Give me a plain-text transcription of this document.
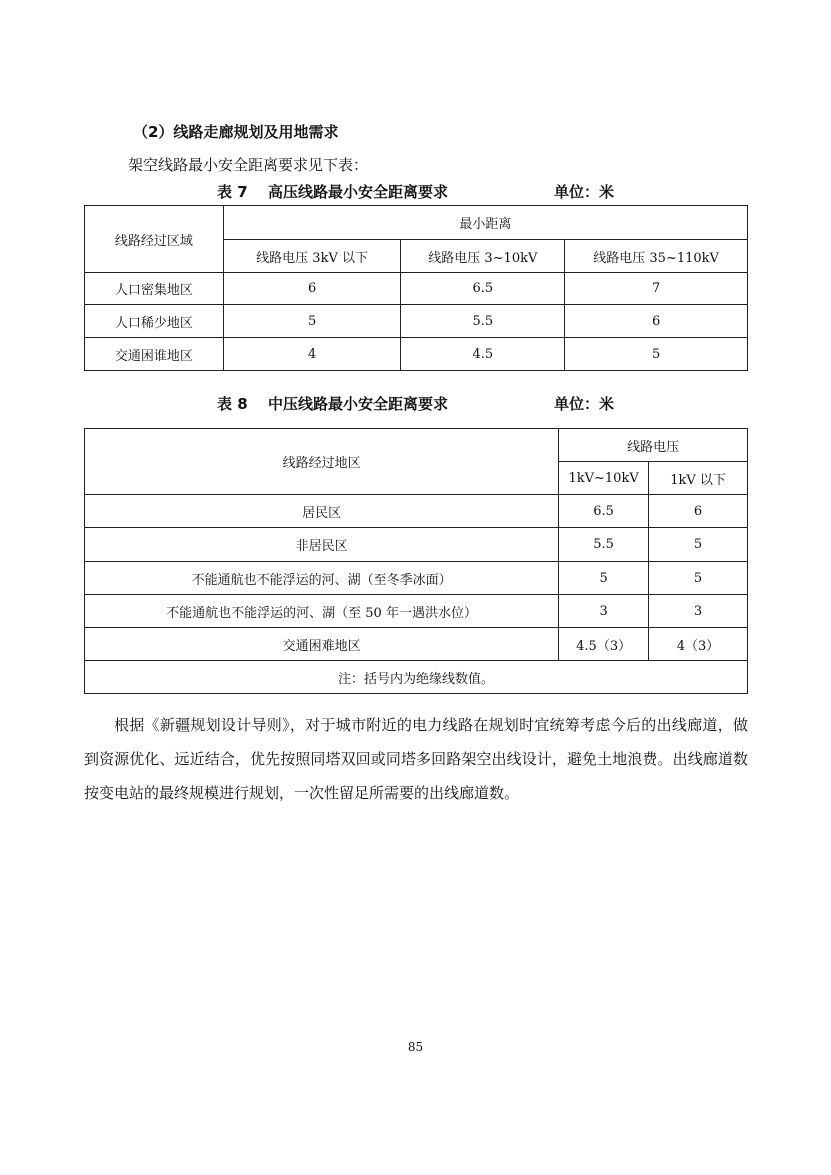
（2）线路走廊规划及用地需求
架空线路最小安全距离要求见下表：
表 7 高压线路最小安全距离要求	单位：米
线路经过区域	最小距离		
	线路电压 3kV 以下	线路电压 3~10kV	线路电压 35~110kV
人口密集地区	6	6.5	7
人口稀少地区	5	5.5	6
交通困谁地区	4	4.5	5
表 8 中压线路最小安全距离要求	单位：米
线路经过地区	线路电压	
	1kV~10kV	1kV 以下
居民区	6.5	6
非居民区	5.5	5
不能通航也不能浮运的河、湖（至冬季冰面）	5	5
不能通航也不能浮运的河、湖（至 50 年一遇洪水位）	3	3
交通困难地区	4.5（3）	4（3）
注：括号内为绝缘线数值。		

根据《新疆规划设计导则》，对于城市附近的电力线路在规划时宜统筹考虑今后的出线廊道，做到资源优化、远近结合，优先按照同塔双回或同塔多回路架空出线设计，避免土地浪费。出线廊道数按变电站的最终规模进行规划，一次性留足所需要的出线廊道数。

85
